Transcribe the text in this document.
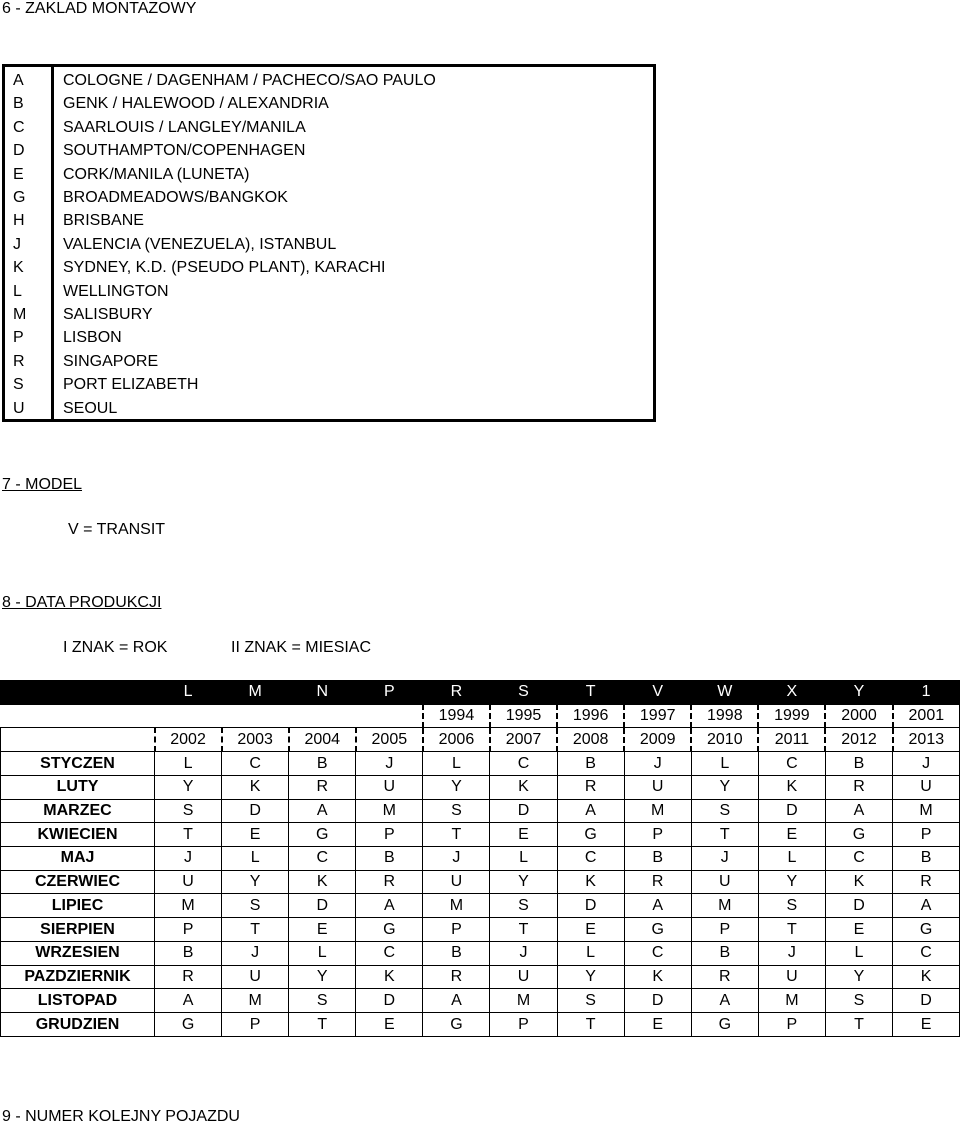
6 - ZAKLAD MONTAZOWY
A COLOGNE / DAGENHAM / PACHECO/SAO PAULO
B GENK / HALEWOOD / ALEXANDRIA
C SAARLOUIS / LANGLEY/MANILA
D SOUTHAMPTON/COPENHAGEN
E CORK/MANILA (LUNETA)
G BROADMEADOWS/BANGKOK
H BRISBANE
J	VALENCIA (VENEZUELA), ISTANBUL
K SYDNEY, K.D. (PSEUDO PLANT), KARACHI
L	WELLINGTON
M SALISBURY
P LISBON
R SINGAPORE
S PORT ELIZABETH
U SEOUL
7 - MODEL
V = TRANSIT
8 - DATA PRODUKCJI
I ZNAK = ROK	II ZNAK = MIESIAC
	L	M	N	P	R	S	T	V	W	X	Y	1
					1994	1995	1996	1997	1998	1999	2000	2001
	2002	2003	2004	2005	2006	2007	2008	2009	2010	2011	2012	2013
STYCZEN	L	C	B	J	L	C	B	J	L	C	B	J
LUTY	Y	K	R	U	Y	K	R	U	Y	K	R	U
MARZEC	S	D	A	M	S	D	A	M	S	D	A	M
KWIECIEN	T	E	G	P	T	E	G	P	T	E	G	P
MAJ	J	L	C	B	J	L	C	B	J	L	C	B
CZERWIEC	U	Y	K	R	U	Y	K	R	U	Y	K	R
LIPIEC	M	S	D	A	M	S	D	A	M	S	D	A
SIERPIEN	P	T	E	G	P	T	E	G	P	T	E	G
WRZESIEN	B	J	L	C	B	J	L	C	B	J	L	C
PAZDZIERNIK	R	U	Y	K	R	U	Y	K	R	U	Y	K
LISTOPAD	A	M	S	D	A	M	S	D	A	M	S	D
GRUDZIEN	G	P	T	E	G	P	T	E	G	P	T	E
9 - NUMER KOLEJNY POJAZDU
